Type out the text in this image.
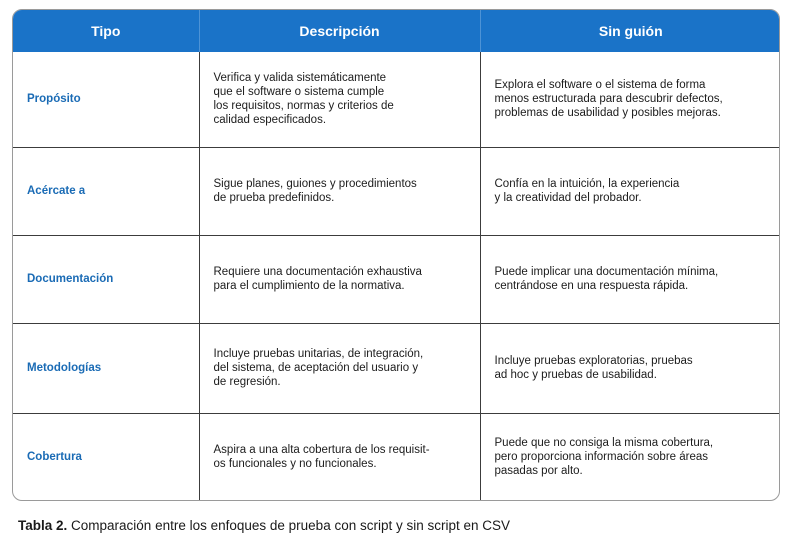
Tipo	Descripción	Sin guión
Propósito	Verifica y valida sistemáticamente
que el software o sistema cumple
los requisitos, normas y criterios de
calidad especificados.	Explora el software o el sistema de forma
menos estructurada para descubrir defectos,
problemas de usabilidad y posibles mejoras.

Acércate a	Sigue planes, guiones y procedimientos
de prueba predefinidos.	Confía en la intuición, la experiencia
y la creatividad del probador.

Documentación	Requiere una documentación exhaustiva
para el cumplimiento de la normativa.	Puede implicar una documentación mínima,
centrándose en una respuesta rápida.

Metodologías	Incluye pruebas unitarias, de integración,
del sistema, de aceptación del usuario y
de regresión.	Incluye pruebas exploratorias, pruebas
ad hoc y pruebas de usabilidad.

Cobertura	Aspira a una alta cobertura de los requisit-
os funcionales y no funcionales.	Puede que no consiga la misma cobertura,
pero proporciona información sobre áreas
pasadas por alto.
Tabla 2. Comparación entre los enfoques de prueba con script y sin script en CSV
